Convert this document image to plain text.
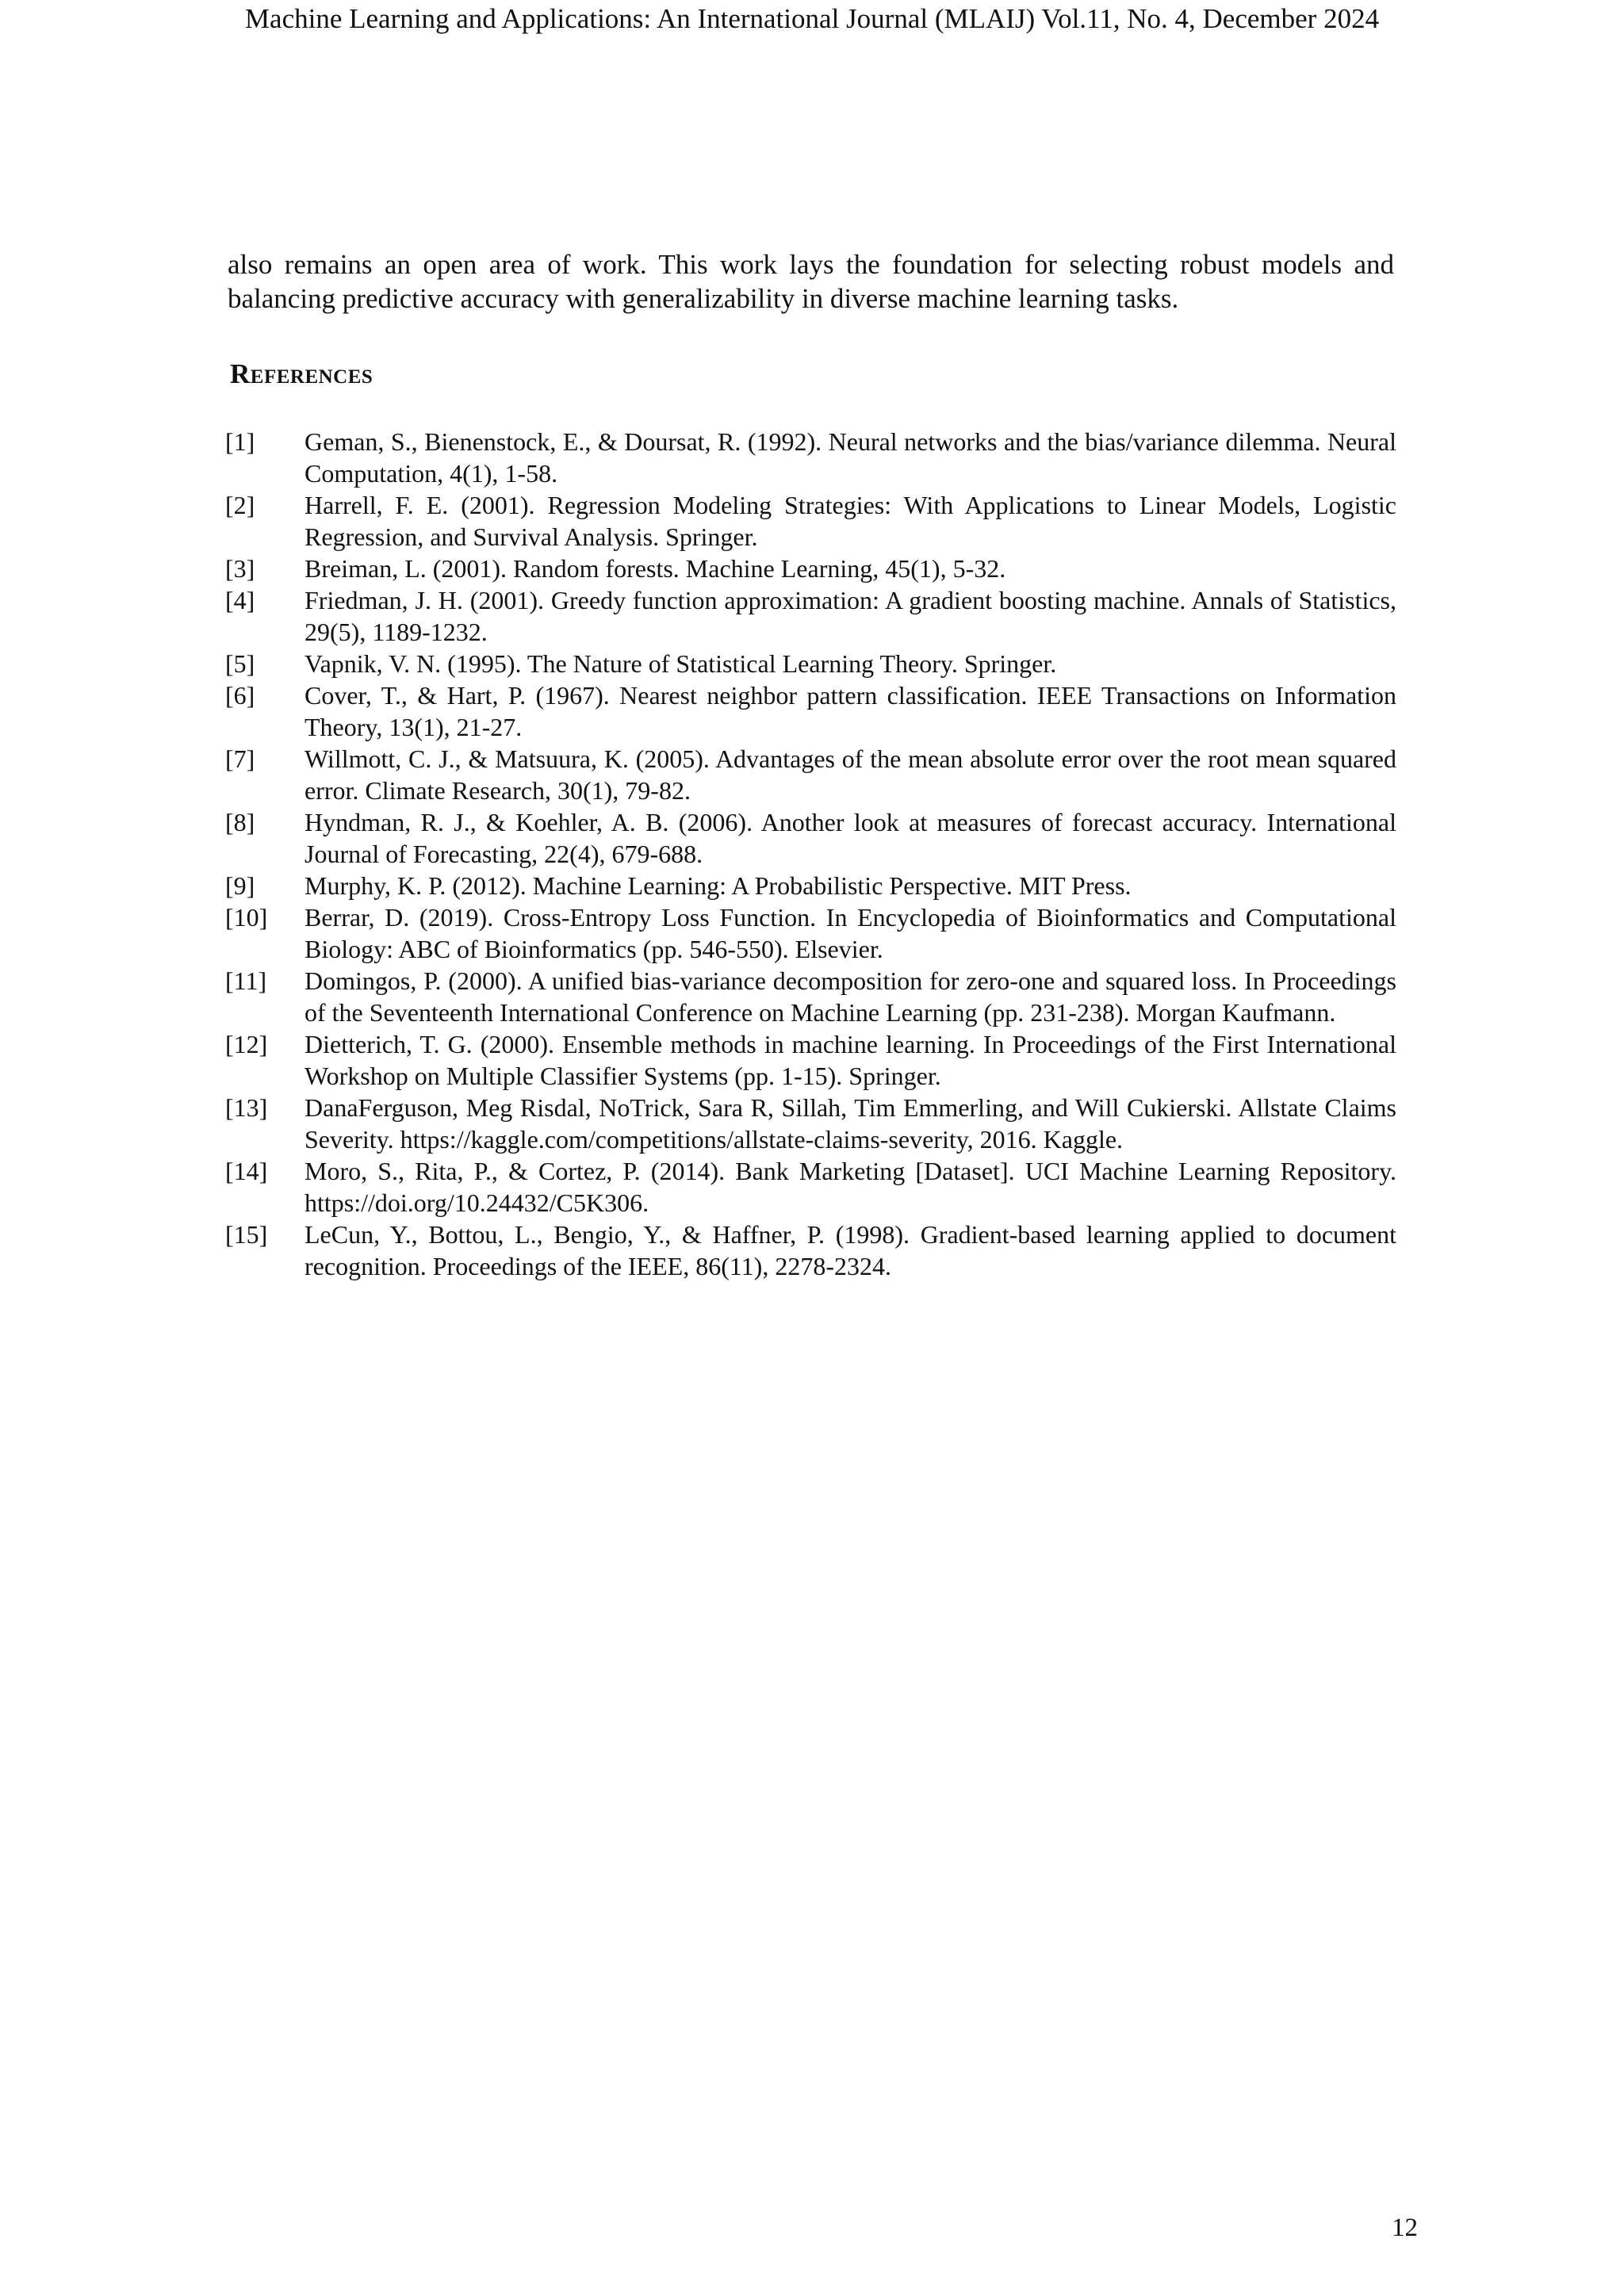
Machine Learning and Applications: An International Journal (MLAIJ) Vol.11, No. 4, December 2024

also remains an open area of work. This work lays the foundation for selecting robust models and balancing predictive accuracy with generalizability in diverse machine learning tasks.

References
[1]	Geman, S., Bienenstock, E., & Doursat, R. (1992). Neural networks and the bias/variance dilemma. Neural Computation, 4(1), 1-58.
[2]	Harrell, F. E. (2001). Regression Modeling Strategies: With Applications to Linear Models, Logistic Regression, and Survival Analysis. Springer.
[3]	Breiman, L. (2001). Random forests. Machine Learning, 45(1), 5-32.
[4]	Friedman, J. H. (2001). Greedy function approximation: A gradient boosting machine. Annals of Statistics, 29(5), 1189-1232.
[5]	Vapnik, V. N. (1995). The Nature of Statistical Learning Theory. Springer.
[6]	Cover, T., & Hart, P. (1967). Nearest neighbor pattern classification. IEEE Transactions on Information Theory, 13(1), 21-27.
[7]	Willmott, C. J., & Matsuura, K. (2005). Advantages of the mean absolute error over the root mean squared error. Climate Research, 30(1), 79-82.
[8]	Hyndman, R. J., & Koehler, A. B. (2006). Another look at measures of forecast accuracy. International Journal of Forecasting, 22(4), 679-688.
[9]	Murphy, K. P. (2012). Machine Learning: A Probabilistic Perspective. MIT Press.
[10]	Berrar, D. (2019). Cross-Entropy Loss Function. In Encyclopedia of Bioinformatics and Computational Biology: ABC of Bioinformatics (pp. 546-550). Elsevier.
[11]	Domingos, P. (2000). A unified bias-variance decomposition for zero-one and squared loss. In Proceedings of the Seventeenth International Conference on Machine Learning (pp. 231-238). Morgan Kaufmann.
[12]	Dietterich, T. G. (2000). Ensemble methods in machine learning. In Proceedings of the First International Workshop on Multiple Classifier Systems (pp. 1-15). Springer.
[13]	DanaFerguson, Meg Risdal, NoTrick, Sara R, Sillah, Tim Emmerling, and Will Cukierski. Allstate Claims Severity. https://kaggle.com/competitions/allstate-claims-severity, 2016. Kaggle.
[14]	Moro, S., Rita, P., & Cortez, P. (2014). Bank Marketing [Dataset]. UCI Machine Learning Repository. https://doi.org/10.24432/C5K306.
[15]	LeCun, Y., Bottou, L., Bengio, Y., & Haffner, P. (1998). Gradient-based learning applied to document recognition. Proceedings of the IEEE, 86(11), 2278-2324.
12
